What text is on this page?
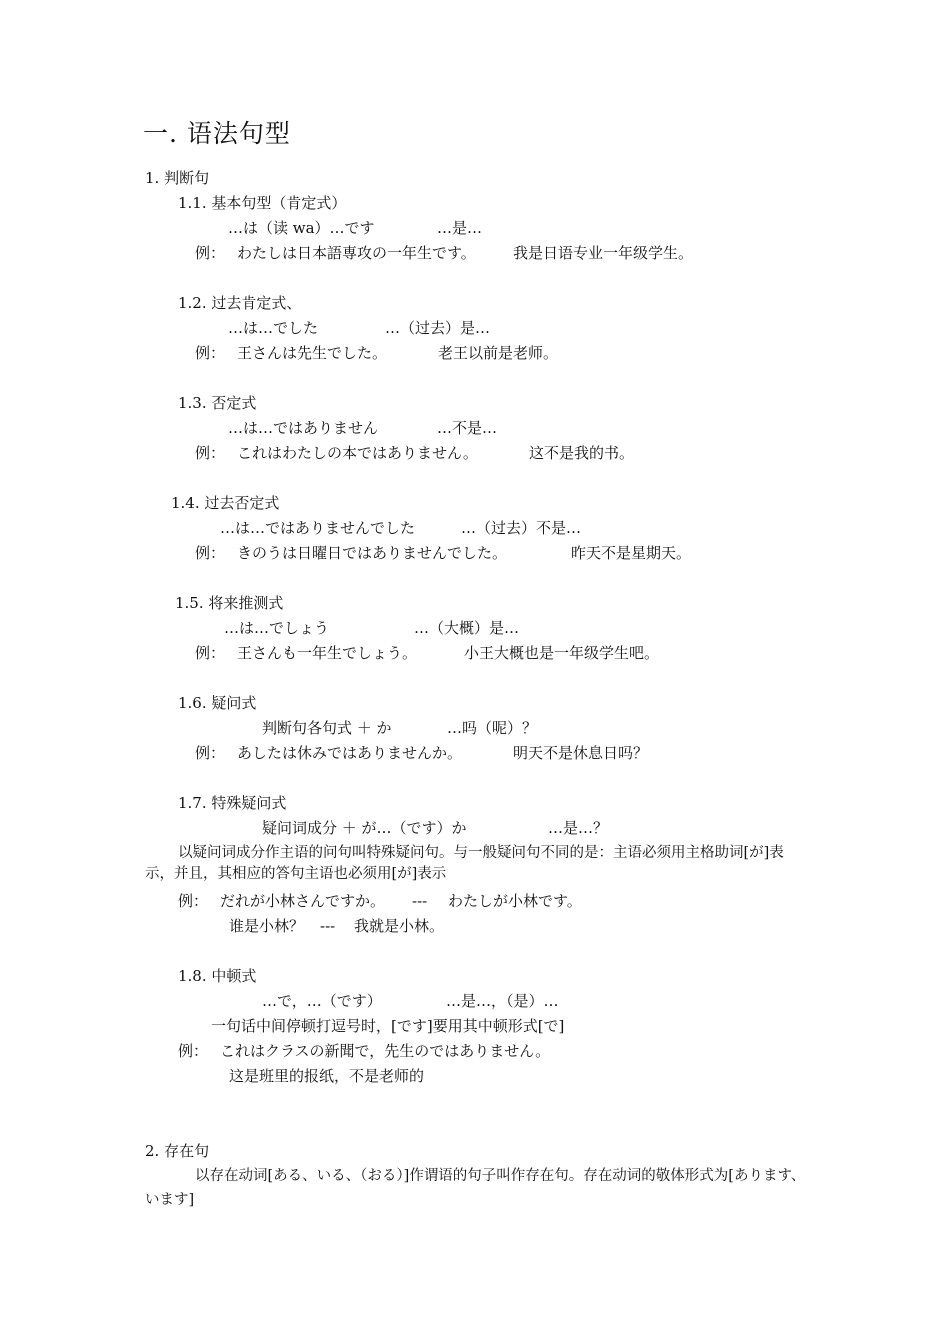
一. 语法句型
1. 判断句
1.1. 基本句型（肯定式）
…は（读 wa）…です	…是…
例： わたしは日本語専攻の一年生です。 我是日语专业一年级学生。
1.2. 过去肯定式、
…は…でした	…（过去）是…
例： 王さんは先生でした。	老王以前是老师。
1.3. 否定式
…は…ではありません	…不是…
例： これはわたしの本ではありません。	这不是我的书。
1.4. 过去否定式
…は…ではありませんでした	…（过去）不是…
例： きのうは日曜日ではありませんでした。	昨天不是星期天。
1.5. 将来推测式
…は…でしょう	…（大概）是…
例： 王さんも一年生でしょう。	小王大概也是一年级学生吧。
1.6. 疑问式
判断句各句式 ＋ か	…吗（呢）？
例： あしたは休みではありませんか。	明天不是休息日吗？
1.7. 特殊疑问式
疑问词成分 ＋ が…（です）か	…是…？
以疑问词成分作主语的问句叫特殊疑问句。与一般疑问句不同的是：主语必须用主格助词[が]表示，并且，其相应的答句主语也必须用[が]表示
例： だれが小林さんですか。 --- わたしが小林です。
谁是小林？ --- 我就是小林。
1.8. 中顿式
…で，…（です）	…是…，（是）…
一句话中间停顿打逗号时，[です]要用其中顿形式[で]
例： これはクラスの新聞で，先生のではありません。
这是班里的报纸，不是老师的
2. 存在句
以存在动词[ある、いる、（おる）]作谓语的句子叫作存在句。存在动词的敬体形式为[あります、います]
